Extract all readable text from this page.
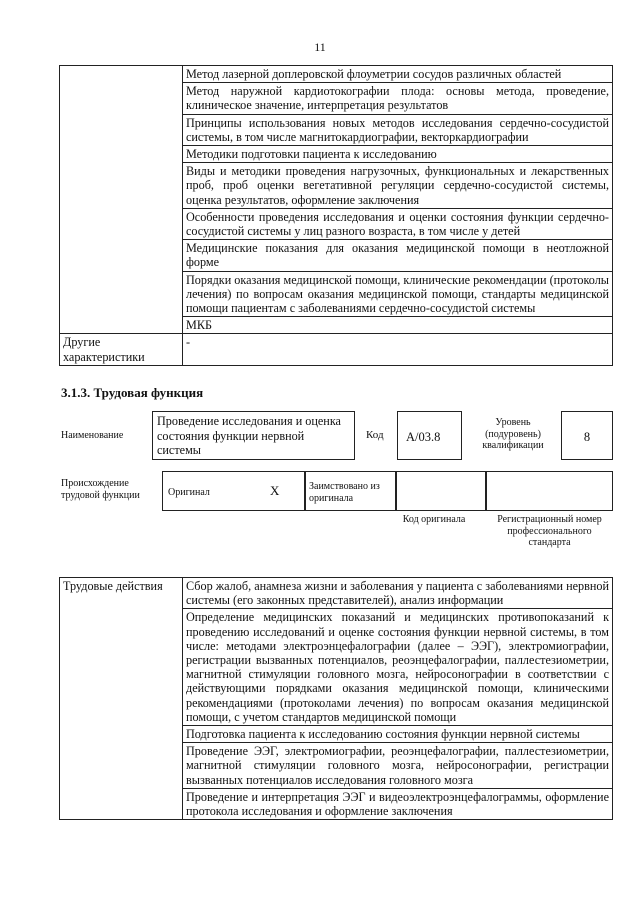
11
	Метод лазерной доплеровской флоуметрии сосудов различных областей
	Метод наружной кардиотокографии плода: основы метода, проведение, клиническое значение, интерпретация результатов
	Принципы использования новых методов исследования сердечно-сосудистой системы, в том числе магнитокардиографии, векторкардиографии
	Методики подготовки пациента к исследованию
	Виды и методики проведения нагрузочных, функциональных и лекарственных проб, проб оценки вегетативной регуляции сердечно-сосудистой системы, оценка результатов, оформление заключения
	Особенности проведения исследования и оценки состояния функции сердечно-сосудистой системы у лиц разного возраста, в том числе у детей
	Медицинские показания для оказания медицинской помощи в неотложной форме
	Порядки оказания медицинской помощи, клинические рекомендации (протоколы лечения) по вопросам оказания медицинской помощи, стандарты медицинской помощи пациентам с заболеваниями сердечно-сосудистой системы
	МКБ
Другие характеристики	-
3.1.3. Трудовая функция
Наименование
Проведение исследования и оценка состояния функции нервной системы
Код	A/03.8
Уровень (подуровень) квалификации
8
Происхождение трудовой функции	Оригинал	X	Заимствовано из оригинала
Код оригинала	Регистрационный номер профессионального стандарта
Трудовые действия	Сбор жалоб, анамнеза жизни и заболевания у пациента с заболеваниями нервной системы (его законных представителей), анализ информации
Определение медицинских показаний и медицинских противопоказаний к проведению исследований и оценке состояния функции нервной системы, в том числе: методами электроэнцефалографии (далее – ЭЭГ), электромиографии, регистрации вызванных потенциалов, реоэнцефалографии, паллестезиометрии, магнитной стимуляции головного мозга, нейросонографии в соответствии с действующими порядками оказания медицинской помощи, клиническими рекомендациями (протоколами лечения) по вопросам оказания медицинской помощи, с учетом стандартов медицинской помощи
Подготовка пациента к исследованию состояния функции нервной системы
Проведение ЭЭГ, электромиографии, реоэнцефалографии, паллестезиометрии, магнитной стимуляции головного мозга, нейросонографии, регистрации вызванных потенциалов исследования головного мозга
Проведение и интерпретация ЭЭГ и видеоэлектроэнцефалограммы, оформление протокола исследования и оформление заключения
